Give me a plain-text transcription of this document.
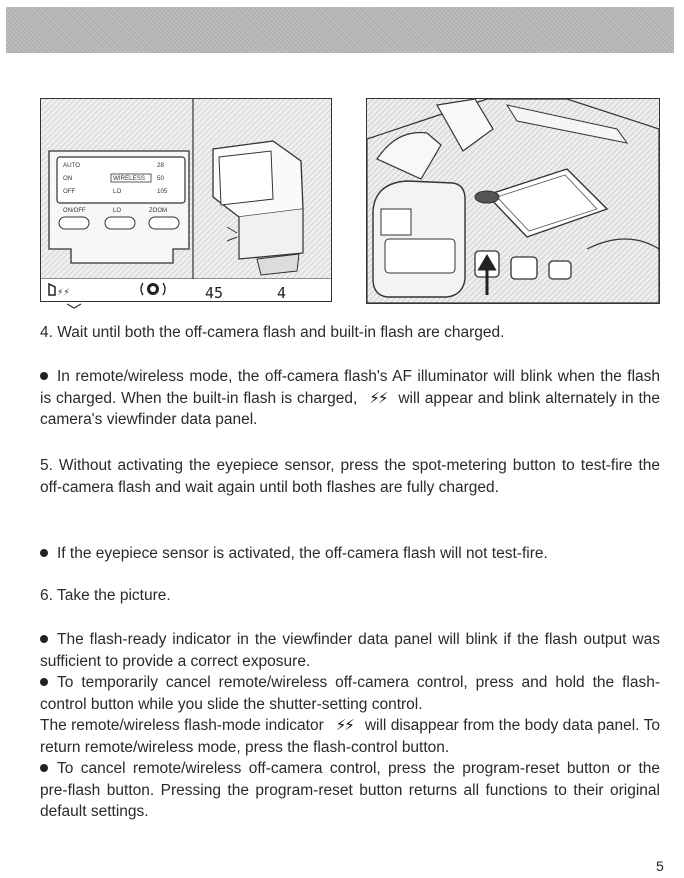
AUTO
ON
OFF
WIRELESS
LO
28
50
105
ON/OFF	LO	ZOOM
⚡⚡	45	4

4. Wait until both the off-camera flash and built-in flash are charged.

In remote/wireless mode, the off-camera flash's AF illuminator will blink when the flash is charged. When the built-in flash is charged, ⚡⚡ will appear and blink alternately in the camera's viewfinder data panel.

5. Without activating the eyepiece sensor, press the spot-metering button to test-fire the off-camera flash and wait again until both flashes are fully charged.

If the eyepiece sensor is activated, the off-camera flash will not test-fire.

6. Take the picture.

The flash-ready indicator in the viewfinder data panel will blink if the flash output was sufficient to provide a correct exposure.

To temporarily cancel remote/wireless off-camera control, press and hold the flash-control button while you slide the shutter-setting control.

The remote/wireless flash-mode indicator ⚡⚡ will disappear from the body data panel. To return remote/wireless mode, press the flash-control button.

To cancel remote/wireless off-camera control, press the program-reset button or the pre-flash button. Pressing the program-reset button returns all functions to their original default settings.

5
